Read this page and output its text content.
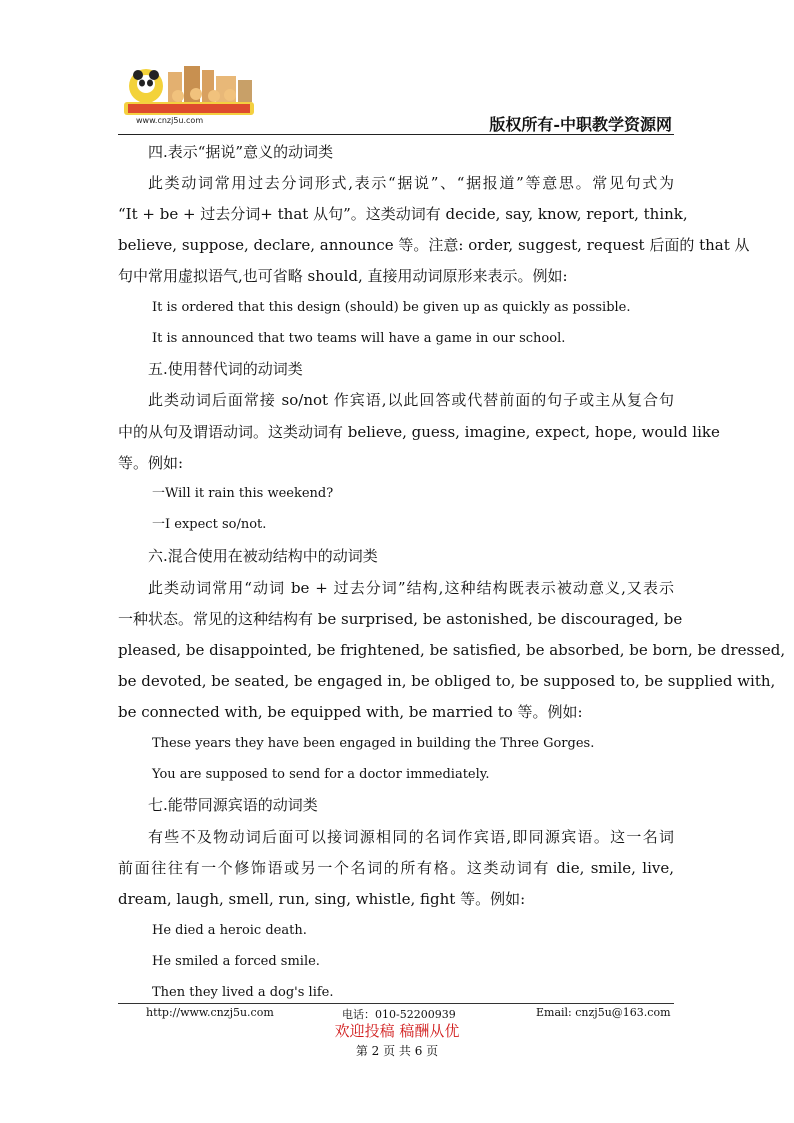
www.cnzj5u.com	版权所有-中职教学资源网
四.表示“据说”意义的动词类
此类动词常用过去分词形式,表示“据说”、“据报道”等意思。常见句式为
“It + be + 过去分词+ that 从句”。这类动词有 decide, say, know, report, think,
believe, suppose, declare, announce 等。注意: order, suggest, request 后面的 that 从
句中常用虚拟语气,也可省略 should, 直接用动词原形来表示。例如:
It is ordered that this design (should) be given up as quickly as possible.
It is announced that two teams will have a game in our school.
五.使用替代词的动词类
此类动词后面常接 so/not 作宾语,以此回答或代替前面的句子或主从复合句
中的从句及谓语动词。这类动词有 believe, guess, imagine, expect, hope, would like
等。例如:
一Will it rain this weekend?
一I expect so/not.
六.混合使用在被动结构中的动词类
此类动词常用“动词 be + 过去分词”结构,这种结构既表示被动意义,又表示
一种状态。常见的这种结构有 be surprised, be astonished, be discouraged, be
pleased, be disappointed, be frightened, be satisfied, be absorbed, be born, be dressed,
be devoted, be seated, be engaged in, be obliged to, be supposed to, be supplied with,
be connected with, be equipped with, be married to 等。例如:
These years they have been engaged in building the Three Gorges.
You are supposed to send for a doctor immediately.
七.能带同源宾语的动词类
有些不及物动词后面可以接词源相同的名词作宾语,即同源宾语。这一名词
前面往往有一个修饰语或另一个名词的所有格。这类动词有 die, smile, live,
dream, laugh, smell, run, sing, whistle, fight 等。例如:
He died a heroic death.
He smiled a forced smile.
Then they lived a dog's life.
http://www.cnzj5u.com	电话：010-52200939	Email: cnzj5u@163.com
欢迎投稿 稿酬从优
第 2 页 共 6 页
